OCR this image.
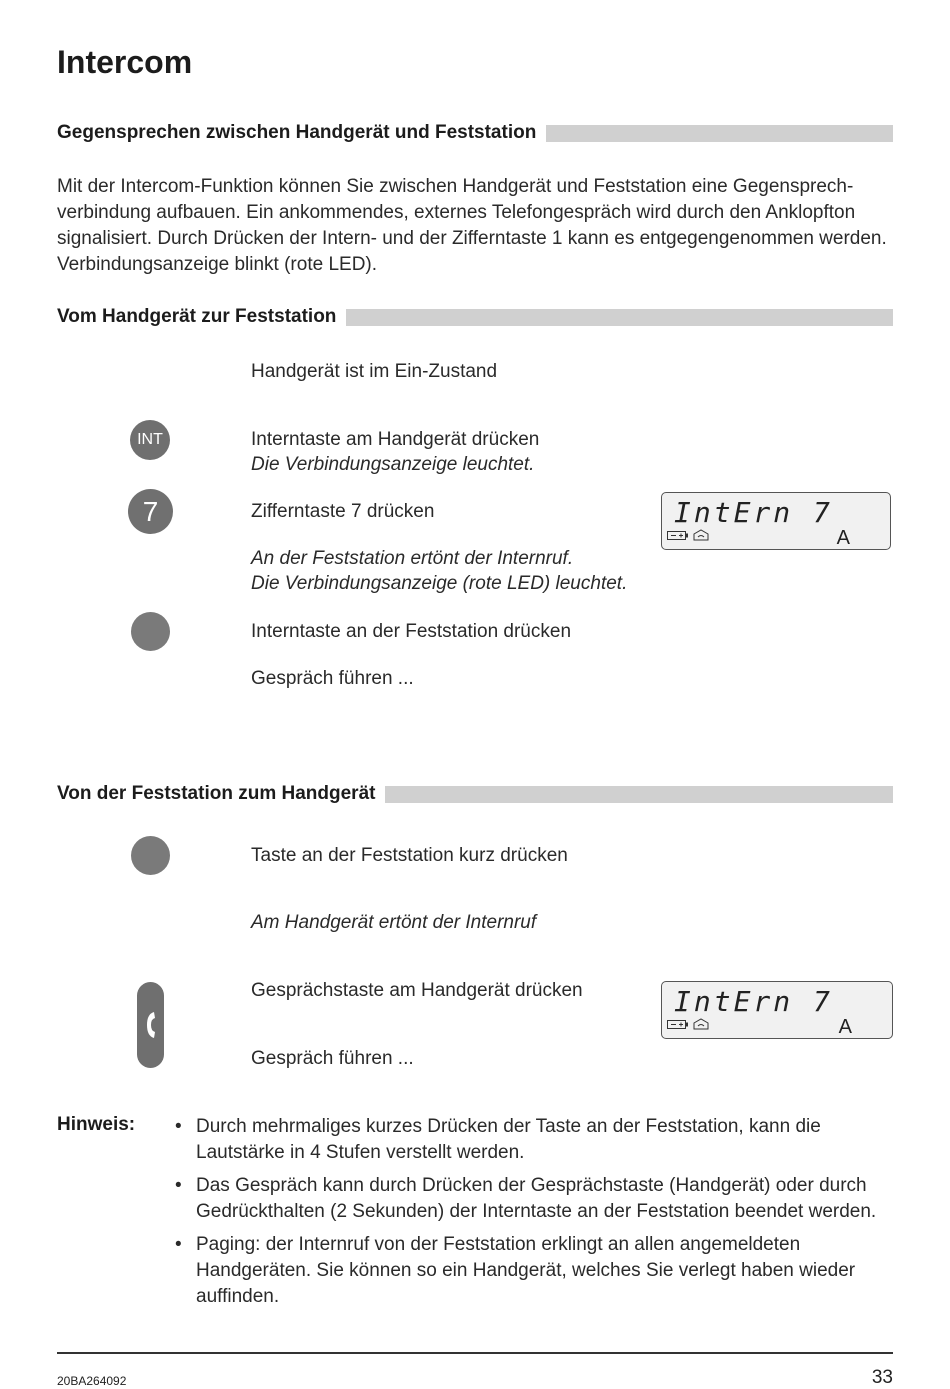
Intercom
Gegensprechen zwischen Handgerät und Feststation

Mit der Intercom-Funktion können Sie zwischen Handgerät und Feststation eine Gegensprech-verbindung aufbauen. Ein ankommendes, externes Telefongespräch wird durch den Anklopfton signalisiert. Durch Drücken der Intern- und der Zifferntaste 1 kann es entgegengenommen werden. Verbindungsanzeige blinkt (rote LED).

Vom Handgerät zur Feststation
Handgerät ist im Ein-Zustand
INT	Interntaste am Handgerät drücken
Die Verbindungsanzeige leuchtet.
7	Zifferntaste 7 drücken
An der Feststation ertönt der Internruf.
Die Verbindungsanzeige (rote LED) leuchtet.
IntErn 7
A
Interntaste an der Feststation drücken
Gespräch führen ...
Von der Feststation zum Handgerät
Taste an der Feststation kurz drücken
Am Handgerät ertönt der Internruf
Gesprächstaste am Handgerät drücken
Gespräch führen ...
IntErn 7
A
Hinweis:
•	Durch mehrmaliges kurzes Drücken der Taste an der Feststation, kann die Lautstärke in 4 Stufen verstellt werden.
• Das Gespräch kann durch Drücken der Gesprächstaste (Handgerät) oder durch Gedrückthalten (2 Sekunden) der Interntaste an der Feststation beendet werden.
• Paging: der Internruf von der Feststation erklingt an allen angemeldeten Handgeräten. Sie können so ein Handgerät, welches Sie verlegt haben wieder auffinden.
20BA264092	33
